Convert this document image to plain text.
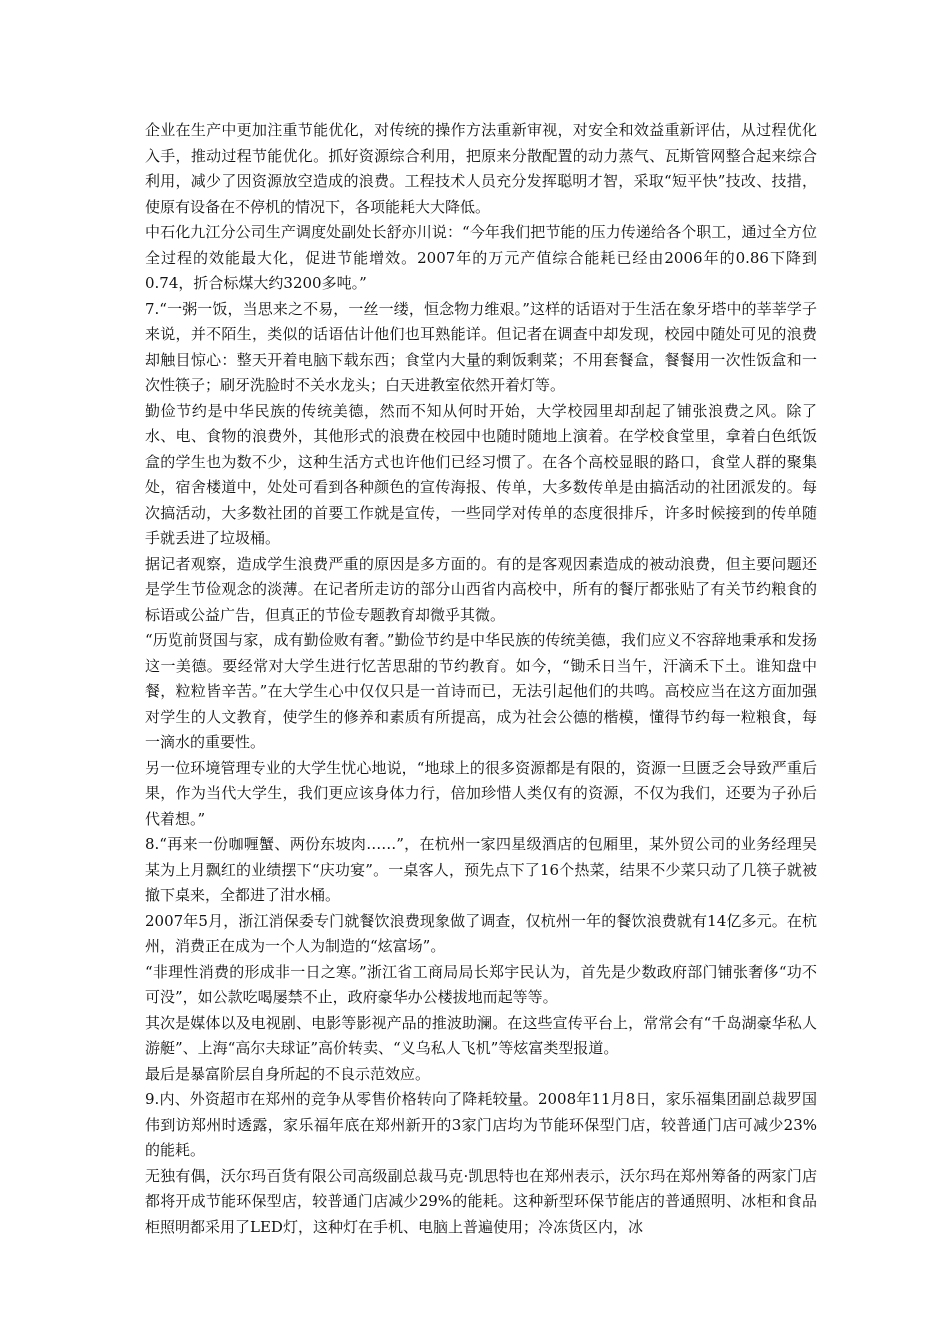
企业在生产中更加注重节能优化，对传统的操作方法重新审视，对安全和效益重新评估，从过程优化入手，推动过程节能优化。抓好资源综合利用，把原来分散配置的动力蒸气、瓦斯管网整合起来综合利用，减少了因资源放空造成的浪费。工程技术人员充分发挥聪明才智，采取“短平快”技改、技措，使原有设备在不停机的情况下，各项能耗大大降低。

中石化九江分公司生产调度处副处长舒亦川说：“今年我们把节能的压力传递给各个职工，通过全方位全过程的效能最大化，促进节能增效。2007年的万元产值综合能耗已经由2006年的0.86下降到0.74，折合标煤大约3200多吨。”

7.“一粥一饭，当思来之不易，一丝一缕，恒念物力维艰。”这样的话语对于生活在象牙塔中的莘莘学子来说，并不陌生，类似的话语估计他们也耳熟能详。但记者在调查中却发现，校园中随处可见的浪费却触目惊心：整天开着电脑下载东西；食堂内大量的剩饭剩菜；不用套餐盒，餐餐用一次性饭盒和一次性筷子；刷牙洗脸时不关水龙头；白天进教室依然开着灯等。

勤俭节约是中华民族的传统美德，然而不知从何时开始，大学校园里却刮起了铺张浪费之风。除了水、电、食物的浪费外，其他形式的浪费在校园中也随时随地上演着。在学校食堂里，拿着白色纸饭盒的学生也为数不少，这种生活方式也许他们已经习惯了。在各个高校显眼的路口，食堂人群的聚集处，宿舍楼道中，处处可看到各种颜色的宣传海报、传单，大多数传单是由搞活动的社团派发的。每次搞活动，大多数社团的首要工作就是宣传，一些同学对传单的态度很排斥，许多时候接到的传单随手就丢进了垃圾桶。

据记者观察，造成学生浪费严重的原因是多方面的。有的是客观因素造成的被动浪费，但主要问题还是学生节俭观念的淡薄。在记者所走访的部分山西省内高校中，所有的餐厅都张贴了有关节约粮食的标语或公益广告，但真正的节俭专题教育却微乎其微。

“历览前贤国与家，成有勤俭败有奢。”勤俭节约是中华民族的传统美德，我们应义不容辞地秉承和发扬这一美德。要经常对大学生进行忆苦思甜的节约教育。如今，“锄禾日当午，汗滴禾下土。谁知盘中餐，粒粒皆辛苦。”在大学生心中仅仅只是一首诗而已，无法引起他们的共鸣。高校应当在这方面加强对学生的人文教育，使学生的修养和素质有所提高，成为社会公德的楷模，懂得节约每一粒粮食，每一滴水的重要性。

另一位环境管理专业的大学生忧心地说，“地球上的很多资源都是有限的，资源一旦匮乏会导致严重后果，作为当代大学生，我们更应该身体力行，倍加珍惜人类仅有的资源，不仅为我们，还要为子孙后代着想。”

8.“再来一份咖喱蟹、两份东坡肉……”，在杭州一家四星级酒店的包厢里，某外贸公司的业务经理吴某为上月飘红的业绩摆下“庆功宴”。一桌客人，预先点下了16个热菜，结果不少菜只动了几筷子就被撤下桌来，全都进了泔水桶。

2007年5月，浙江消保委专门就餐饮浪费现象做了调查，仅杭州一年的餐饮浪费就有14亿多元。在杭州，消费正在成为一个人为制造的“炫富场”。

“非理性消费的形成非一日之寒。”浙江省工商局局长郑宇民认为，首先是少数政府部门铺张奢侈“功不可没”，如公款吃喝屡禁不止，政府豪华办公楼拔地而起等等。

其次是媒体以及电视剧、电影等影视产品的推波助澜。在这些宣传平台上，常常会有“千岛湖豪华私人游艇”、上海“高尔夫球证”高价转卖、“义乌私人飞机”等炫富类型报道。

最后是暴富阶层自身所起的不良示范效应。

9.内、外资超市在郑州的竞争从零售价格转向了降耗较量。2008年11月8日，家乐福集团副总裁罗国伟到访郑州时透露，家乐福年底在郑州新开的3家门店均为节能环保型门店，较普通门店可减少23%的能耗。

无独有偶，沃尔玛百货有限公司高级副总裁马克·凯思特也在郑州表示，沃尔玛在郑州筹备的两家门店都将开成节能环保型店，较普通门店减少29%的能耗。这种新型环保节能店的普通照明、冰柜和食品柜照明都采用了LED灯，这种灯在手机、电脑上普遍使用；冷冻货区内，冰
